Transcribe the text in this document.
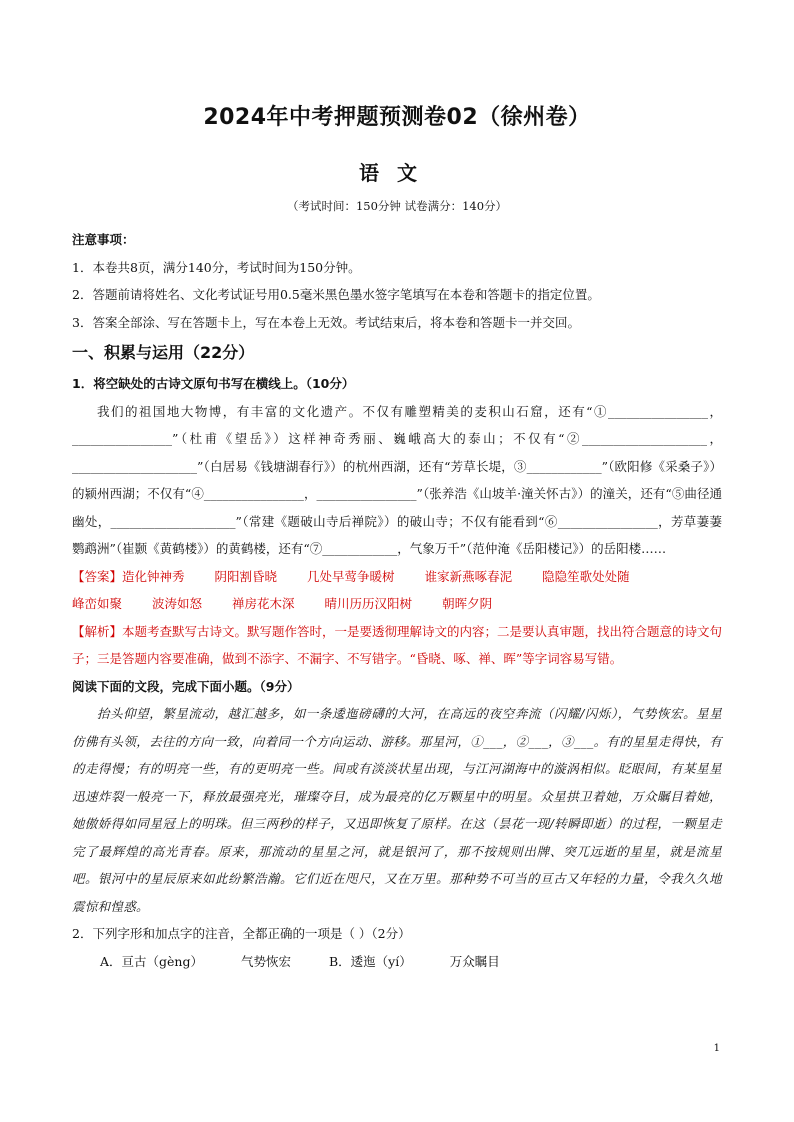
2024年中考押题预测卷02（徐州卷）
语文
（考试时间：150分钟 试卷满分：140分）
注意事项：
1．本卷共8页，满分140分，考试时间为150分钟。
2．答题前请将姓名、文化考试证号用0.5毫米黑色墨水签字笔填写在本卷和答题卡的指定位置。
3．答案全部涂、写在答题卡上，写在本卷上无效。考试结束后，将本卷和答题卡一并交回。
一、积累与运用（22分）
1．将空缺处的古诗文原句书写在横线上。（10分）
我们的祖国地大物博，有丰富的文化遗产。不仅有雕塑精美的麦积山石窟，还有“①________________，________________”（杜甫《望岳》）这样神奇秀丽、巍峨高大的泰山；不仅有“②____________________，____________________”（白居易《钱塘湖春行》）的杭州西湖，还有“芳草长堤，③____________”（欧阳修《采桑子》）的颍州西湖；不仅有“④________________，________________”（张养浩《山坡羊·潼关怀古》）的潼关，还有“⑤曲径通幽处，____________________”（常建《题破山寺后禅院》）的破山寺；不仅有能看到“⑥________________，芳草萋萋鹦鹉洲”（崔颢《黄鹤楼》）的黄鹤楼，还有“⑦____________，气象万千”（范仲淹《岳阳楼记》）的岳阳楼……
【答案】 造化钟神秀 阴阳割昏晓 几处早莺争暖树 谁家新燕啄春泥 隐隐笙歌处处随
峰峦如聚 波涛如怒 禅房花木深 晴川历历汉阳树 朝晖夕阴
【解析】本题考查默写古诗文。默写题作答时，一是要透彻理解诗文的内容；二是要认真审题，找出符合题意的诗文句子；三是答题内容要准确，做到不添字、不漏字、不写错字。“昏晓、啄、禅、晖”等字词容易写错。
阅读下面的文段，完成下面小题。（9分）
抬头仰望，繁星流动，越汇越多，如一条逶迤磅礴的大河，在高远的夜空奔流（闪耀/闪烁），气势恢宏。星星仿佛有头领，去往的方向一致，向着同一个方向运动、游移。那星河，①___，②___，③___。有的星星走得快，有的走得慢；有的明亮一些，有的更明亮一些。间或有淡淡状星出现，与江河湖海中的漩涡相似。眨眼间，有某星星迅速炸裂一般亮一下，释放最强亮光，璀璨夺目，成为最亮的亿万颗星中的明星。众星拱卫着她，万众瞩目着她，她傲娇得如同星冠上的明珠。但三两秒的样子，又迅即恢复了原样。在这（昙花一现/转瞬即逝）的过程，一颗星走完了最辉煌的高光青春。原来，那流动的星星之河，就是银河了，那不按规则出牌、突兀远逝的星星，就是流星吧。银河中的星辰原来如此纷繁浩瀚。它们近在咫尺，又在万里。那种势不可当的亘古又年轻的力量，令我久久地震惊和惶惑。
2．下列字形和加点字的注音，全都正确的一项是（ ）（2分）
A．亘古（gèng）	气势恢宏	B．逶迤（yí）	万众瞩目
1
